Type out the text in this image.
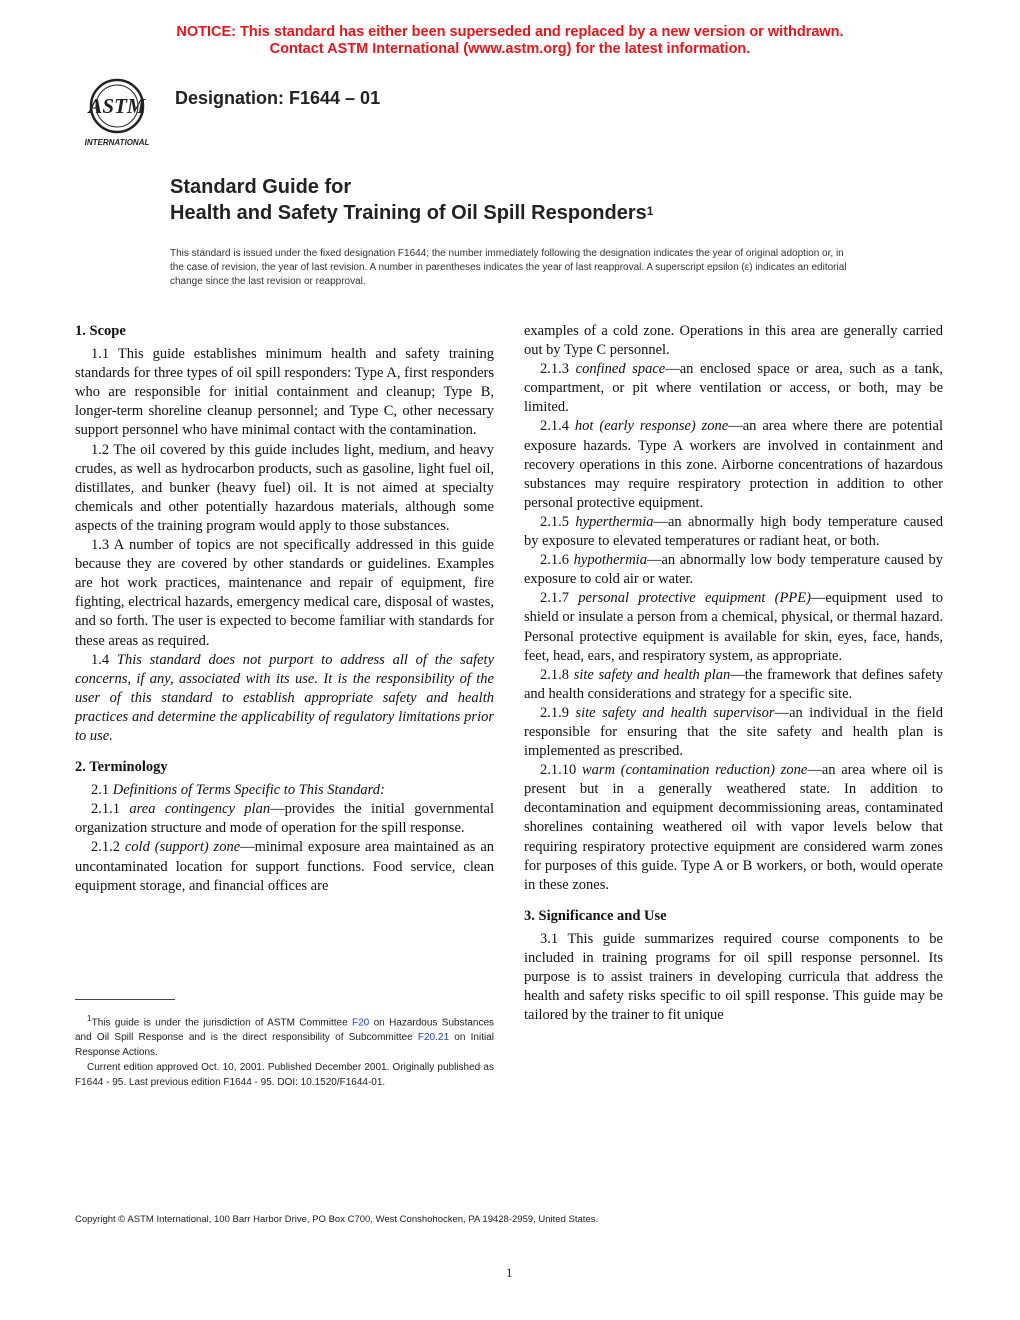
NOTICE: This standard has either been superseded and replaced by a new version or withdrawn.
Contact ASTM International (www.astm.org) for the latest information.
ASTM
INTERNATIONAL
Designation: F1644 – 01
Standard Guide for
Health and Safety Training of Oil Spill Responders$^1$
This standard is issued under the fixed designation F1644; the number immediately following the designation indicates the year of original adoption or, in the case of revision, the year of last revision. A number in parentheses indicates the year of last reapproval. A superscript epsilon (ε) indicates an editorial change since the last revision or reapproval.
1. Scope

1.1 This guide establishes minimum health and safety training standards for three types of oil spill responders: Type A, first responders who are responsible for initial containment and cleanup; Type B, longer-term shoreline cleanup personnel; and Type C, other necessary support personnel who have minimal contact with the contamination.

1.2 The oil covered by this guide includes light, medium, and heavy crudes, as well as hydrocarbon products, such as gasoline, light fuel oil, distillates, and bunker (heavy fuel) oil. It is not aimed at specialty chemicals and other potentially hazardous materials, although some aspects of the training program would apply to those substances.

1.3 A number of topics are not specifically addressed in this guide because they are covered by other standards or guidelines. Examples are hot work practices, maintenance and repair of equipment, fire fighting, electrical hazards, emergency medical care, disposal of wastes, and so forth. The user is expected to become familiar with standards for these areas as required.

1.4 This standard does not purport to address all of the safety concerns, if any, associated with its use. It is the responsibility of the user of this standard to establish appropriate safety and health practices and determine the applicability of regulatory limitations prior to use.

2. Terminology

2.1 Definitions of Terms Specific to This Standard:

2.1.1 area contingency plan—provides the initial governmental organization structure and mode of operation for the spill response.

2.1.2 cold (support) zone—minimal exposure area maintained as an uncontaminated location for support functions. Food service, clean equipment storage, and financial offices are

examples of a cold zone. Operations in this area are generally carried out by Type C personnel.

2.1.3 confined space—an enclosed space or area, such as a tank, compartment, or pit where ventilation or access, or both, may be limited.

2.1.4 hot (early response) zone—an area where there are potential exposure hazards. Type A workers are involved in containment and recovery operations in this zone. Airborne concentrations of hazardous substances may require respiratory protection in addition to other personal protective equipment.

2.1.5 hyperthermia—an abnormally high body temperature caused by exposure to elevated temperatures or radiant heat, or both.

2.1.6 hypothermia—an abnormally low body temperature caused by exposure to cold air or water.

2.1.7 personal protective equipment (PPE)—equipment used to shield or insulate a person from a chemical, physical, or thermal hazard. Personal protective equipment is available for skin, eyes, face, hands, feet, head, ears, and respiratory system, as appropriate.

2.1.8 site safety and health plan—the framework that defines safety and health considerations and strategy for a specific site.

2.1.9 site safety and health supervisor—an individual in the field responsible for ensuring that the site safety and health plan is implemented as prescribed.

2.1.10 warm (contamination reduction) zone—an area where oil is present but in a generally weathered state. In addition to decontamination and equipment decommissioning areas, contaminated shorelines containing weathered oil with vapor levels below that requiring respiratory protective equipment are considered warm zones for purposes of this guide. Type A or B workers, or both, would operate in these zones.

3. Significance and Use

3.1 This guide summarizes required course components to be included in training programs for oil spill response personnel. Its purpose is to assist trainers in developing curricula that address the health and safety risks specific to oil spill response. This guide may be tailored by the trainer to fit unique

$^1$This guide is under the jurisdiction of ASTM Committee F20 on Hazardous Substances and Oil Spill Response and is the direct responsibility of Subcommittee F20.21 on Initial Response Actions.

Current edition approved Oct. 10, 2001. Published December 2001. Originally published as F1644 - 95. Last previous edition F1644 - 95. DOI: 10.1520/F1644-01.

Copyright © ASTM International, 100 Barr Harbor Drive, PO Box C700, West Conshohocken, PA 19428-2959, United States.
1
